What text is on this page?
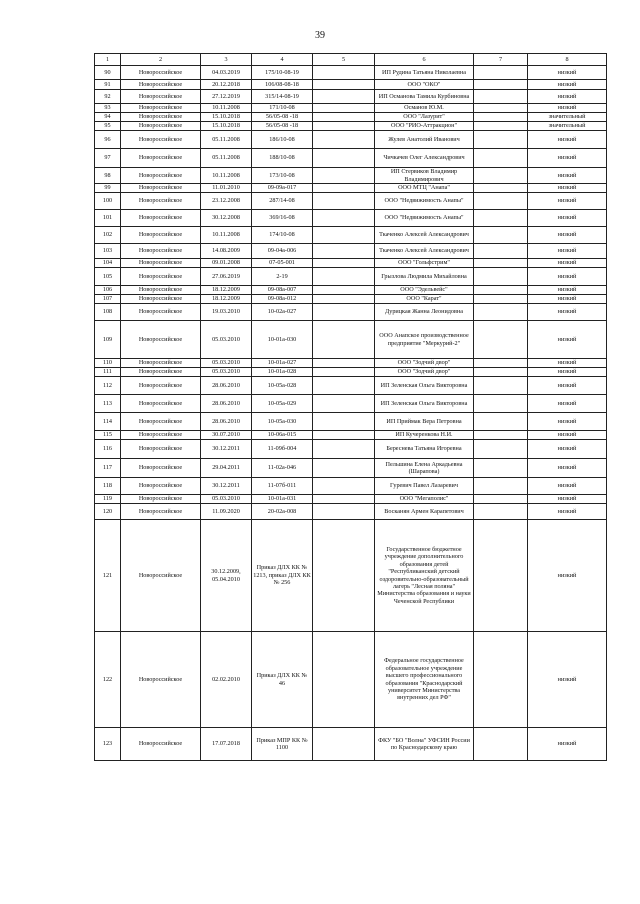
39
1	2	3	4	5	6	7	8
90	Новороссийское	04.03.2019	175/10-08-19		ИП Рудина Татьяна Николаевна		низкий
91	Новороссийское	20.12.2018	106/08-08-18		ООО "ОКО"		низкий
92	Новороссийское	27.12.2019	315/14-08-19		ИП Османова Тамила Курбиновна		низкий
93	Новороссийское	10.11.2008	171/10-08		Османов Ю.М.		низкий
94	Новороссийское	15.10.2018	56/05-08 -18		ООО "Лазурит"		значительный
95	Новороссийское	15.10.2018	56/05-08 -18		ООО "РИО-Аттракцион"		значительный
96	Новороссийское	05.11.2008	186/10-08		Жулев Анатолий Иванович		низкий
97	Новороссийское	05.11.2008	188/10-08		Чичкачев Олег Александрович		низкий
98	Новороссийское	10.11.2008	173/10-08		ИП Стервиков Владимир Владимирович		низкий
99	Новороссийское	11.01.2010	09-09а-017		ООО МТЦ "Анапа"		низкий
100	Новороссийское	23.12.2008	287/14-08		ООО "Недвижимость Анапы"		низкий
101	Новороссийское	30.12.2008	369/16-08		ООО "Недвижимость Анапы"		низкий
102	Новороссийское	10.11.2008	174/10-08		Ткаченко Алексей Александрович		низкий
103	Новороссийское	14.08.2009	09-04а-006		Ткаченко Алексей Александрович		низкий
104	Новороссийское	09.01.2008	07-05-001		ООО "Гольфстрим"		низкий
105	Новороссийское	27.06.2019	2-19		Грызлова Людмила Михайловна		низкий
106	Новороссийское	18.12.2009	09-08а-007		ООО "Эдельвейс"		низкий
107	Новороссийское	18.12.2009	09-08а-012		ООО "Карат"		низкий
108	Новороссийское	19.03.2010	10-02а-027		Дурицкая Жанна Леонидовна		низкий
109	Новороссийское	05.03.2010	10-01а-030		ООО Анапское производственное предприятие "Меркурий-2"		низкий
110	Новороссийское	05.03.2010	10-01а-027		ООО "Зодчий двор"		низкий
111	Новороссийское	05.03.2010	10-01а-028		ООО "Зодчий двор"		низкий
112	Новороссийское	28.06.2010	10-05а-028		ИП Зеленская Ольга Викторовна		низкий
113	Новороссийское	28.06.2010	10-05а-029		ИП Зеленская Ольга Викторовна		низкий
114	Новороссийское	28.06.2010	10-05а-030		ИП Приймак Вера Петровна		низкий
115	Новороссийское	30.07.2010	10-06а-015		ИП Кучеренкова Н.И.		низкий
116	Новороссийское	30.12.2011	11-09б-004		Береснева Татьяна Игоревна		низкий
117	Новороссийское	29.04.2011	11-02а-046		Пельшина Елена Аркадьевна (Шарапова)		низкий
118	Новороссийское	30.12.2011	11-07б-011		Гуревич Павел Лазаревич		низкий
119	Новороссийское	05.03.2010	10-01а-031		ООО "Мегаполис"		низкий
120	Новороссийское	11.09.2020	20-02а-008		Восканян Армен Карапетович		низкий
121	Новороссийское	30.12.2009, 05.04.2010	Приказ ДЛХ КК № 1213, приказ ДЛХ КК № 256		Государственное бюджетное учреждение дополнительного образования детей "Республиканский детский оздоровительно-образовательный лагерь "Лесная поляна" Министерства образования и науки Чеченской Республики		низкий
122	Новороссийское	02.02.2010	Приказ ДЛХ КК № 46		Федеральное государственное образовательное учреждение высшего профессионального образования "Краснодарский университет Министерства внутренних дел РФ"		низкий
123	Новороссийское	17.07.2018	Приказ МПР КК № 1100		ФКУ "БО "Волна" УФСИН России по Краснодарскому краю		низкий
